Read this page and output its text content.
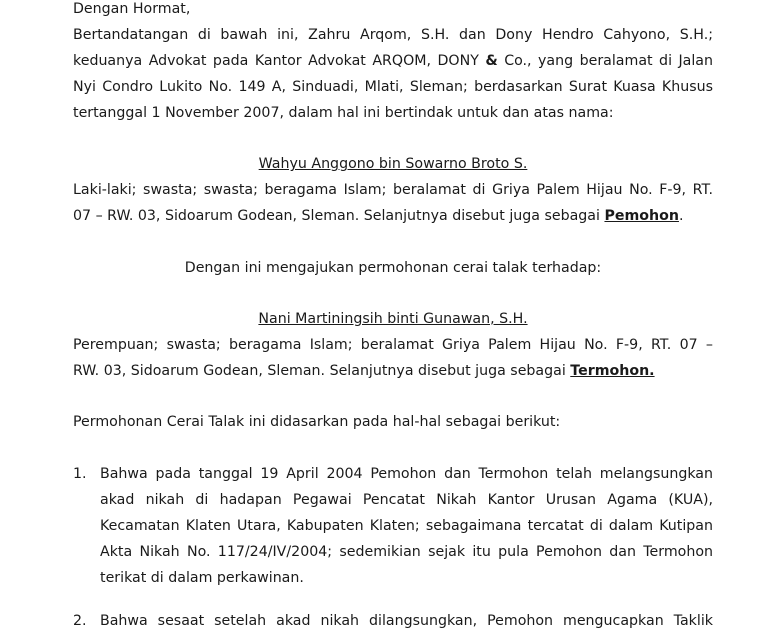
Dengan Hormat,
Bertandatangan di bawah ini, Zahru Arqom, S.H. dan Dony Hendro Cahyono, S.H.;
keduanya Advokat pada Kantor Advokat ARQOM, DONY & Co., yang beralamat di Jalan
Nyi Condro Lukito No. 149 A, Sinduadi, Mlati, Sleman; berdasarkan Surat Kuasa Khusus
tertanggal 1 November 2007, dalam hal ini bertindak untuk dan atas nama:
Wahyu Anggono bin Sowarno Broto S.
Laki-laki; swasta; swasta; beragama Islam; beralamat di Griya Palem Hijau No. F-9, RT.
07 – RW. 03, Sidoarum Godean, Sleman. Selanjutnya disebut juga sebagai Pemohon.
Dengan ini mengajukan permohonan cerai talak terhadap:
Nani Martiningsih binti Gunawan, S.H.
Perempuan; swasta; beragama Islam; beralamat Griya Palem Hijau No. F-9, RT. 07 –
RW. 03, Sidoarum Godean, Sleman. Selanjutnya disebut juga sebagai Termohon.
Permohonan Cerai Talak ini didasarkan pada hal-hal sebagai berikut:
1. Bahwa pada tanggal 19 April 2004 Pemohon dan Termohon telah melangsungkan
akad nikah di hadapan Pegawai Pencatat Nikah Kantor Urusan Agama (KUA),
Kecamatan Klaten Utara, Kabupaten Klaten; sebagaimana tercatat di dalam Kutipan
Akta Nikah No. 117/24/IV/2004; sedemikian sejak itu pula Pemohon dan Termohon
terikat di dalam perkawinan.
2. Bahwa sesaat setelah akad nikah dilangsungkan, Pemohon mengucapkan Taklik
